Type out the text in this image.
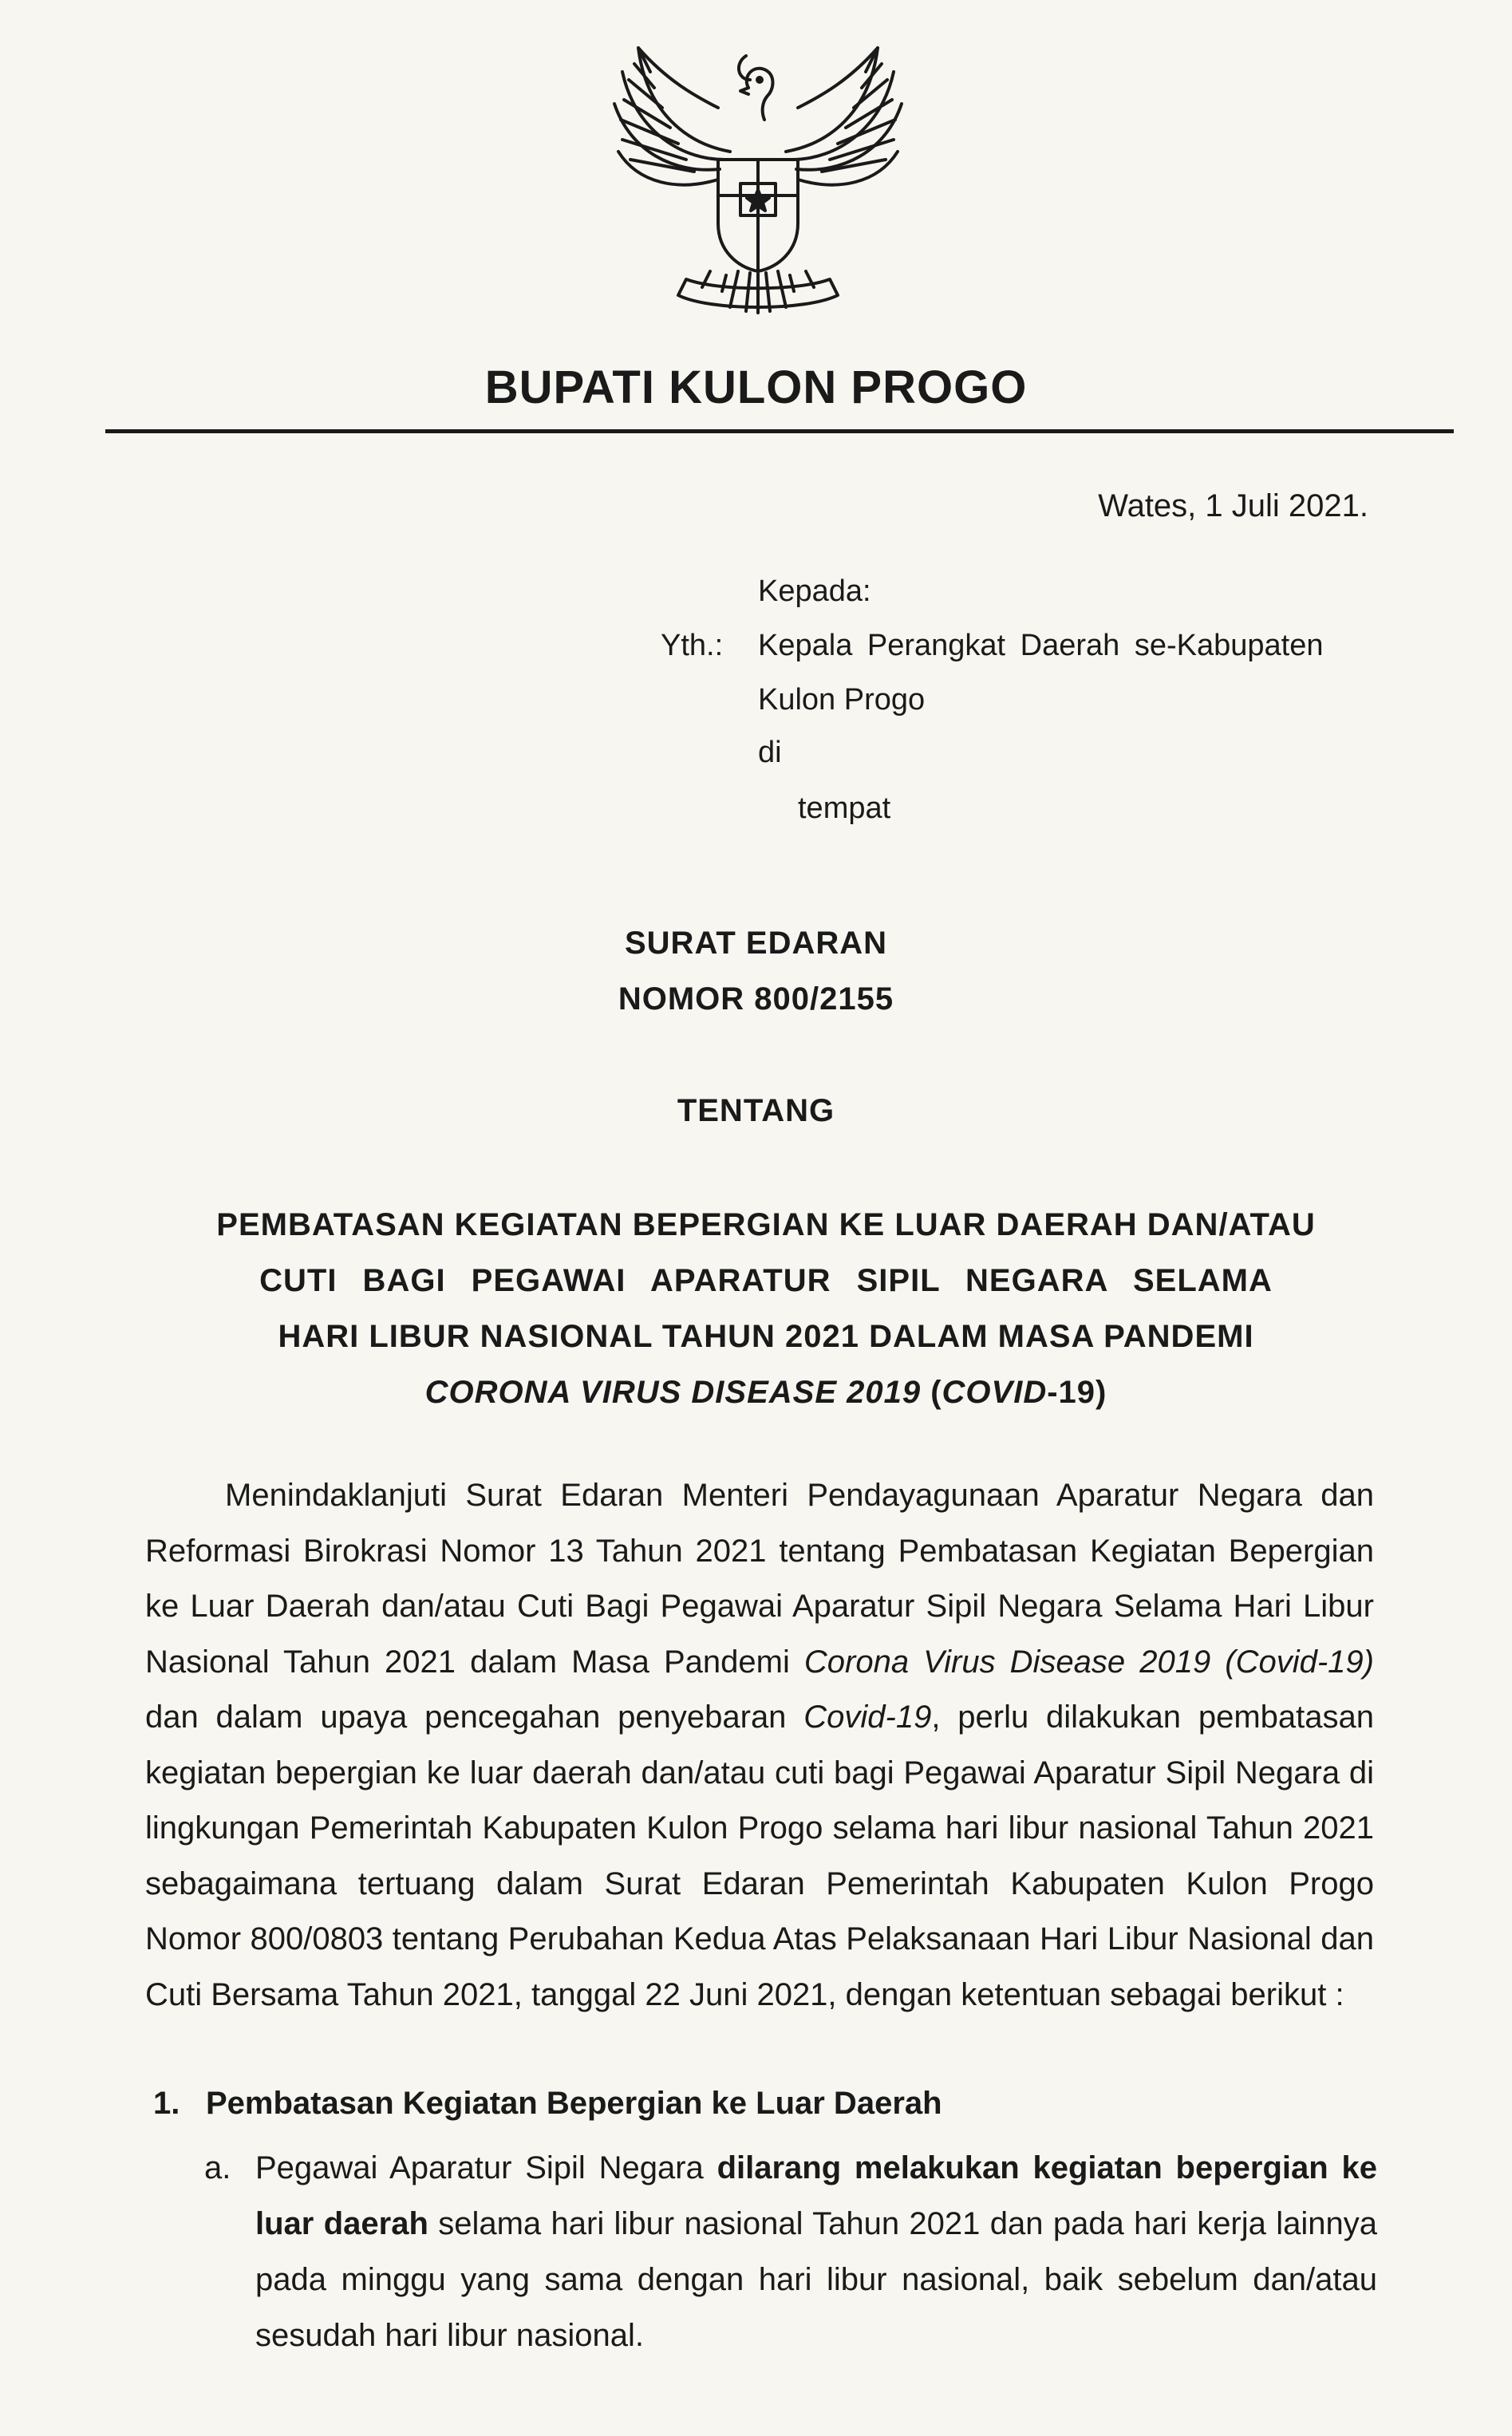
BUPATI KULON PROGO
Wates, 1 Juli 2021.
Kepada:
Yth.: Kepala Perangkat Daerah se-Kabupaten
Kulon Progo
di
tempat
SURAT EDARAN
NOMOR 800/2155
TENTANG
PEMBATASAN KEGIATAN BEPERGIAN KE LUAR DAERAH DAN/ATAU
CUTI BAGI PEGAWAI APARATUR SIPIL NEGARA SELAMA
HARI LIBUR NASIONAL TAHUN 2021 DALAM MASA PANDEMI
CORONA VIRUS DISEASE 2019 (COVID-19)
Menindaklanjuti Surat Edaran Menteri Pendayagunaan Aparatur Negara dan Reformasi Birokrasi Nomor 13 Tahun 2021 tentang Pembatasan Kegiatan Bepergian ke Luar Daerah dan/atau Cuti Bagi Pegawai Aparatur Sipil Negara Selama Hari Libur Nasional Tahun 2021 dalam Masa Pandemi Corona Virus Disease 2019 (Covid-19) dan dalam upaya pencegahan penyebaran Covid-19, perlu dilakukan pembatasan kegiatan bepergian ke luar daerah dan/atau cuti bagi Pegawai Aparatur Sipil Negara di lingkungan Pemerintah Kabupaten Kulon Progo selama hari libur nasional Tahun 2021 sebagaimana tertuang dalam Surat Edaran Pemerintah Kabupaten Kulon Progo Nomor 800/0803 tentang Perubahan Kedua Atas Pelaksanaan Hari Libur Nasional dan Cuti Bersama Tahun 2021, tanggal 22 Juni 2021, dengan ketentuan sebagai berikut :
1. Pembatasan Kegiatan Bepergian ke Luar Daerah
a. Pegawai Aparatur Sipil Negara dilarang melakukan kegiatan bepergian ke luar daerah selama hari libur nasional Tahun 2021 dan pada hari kerja lainnya pada minggu yang sama dengan hari libur nasional, baik sebelum dan/atau sesudah hari libur nasional.
